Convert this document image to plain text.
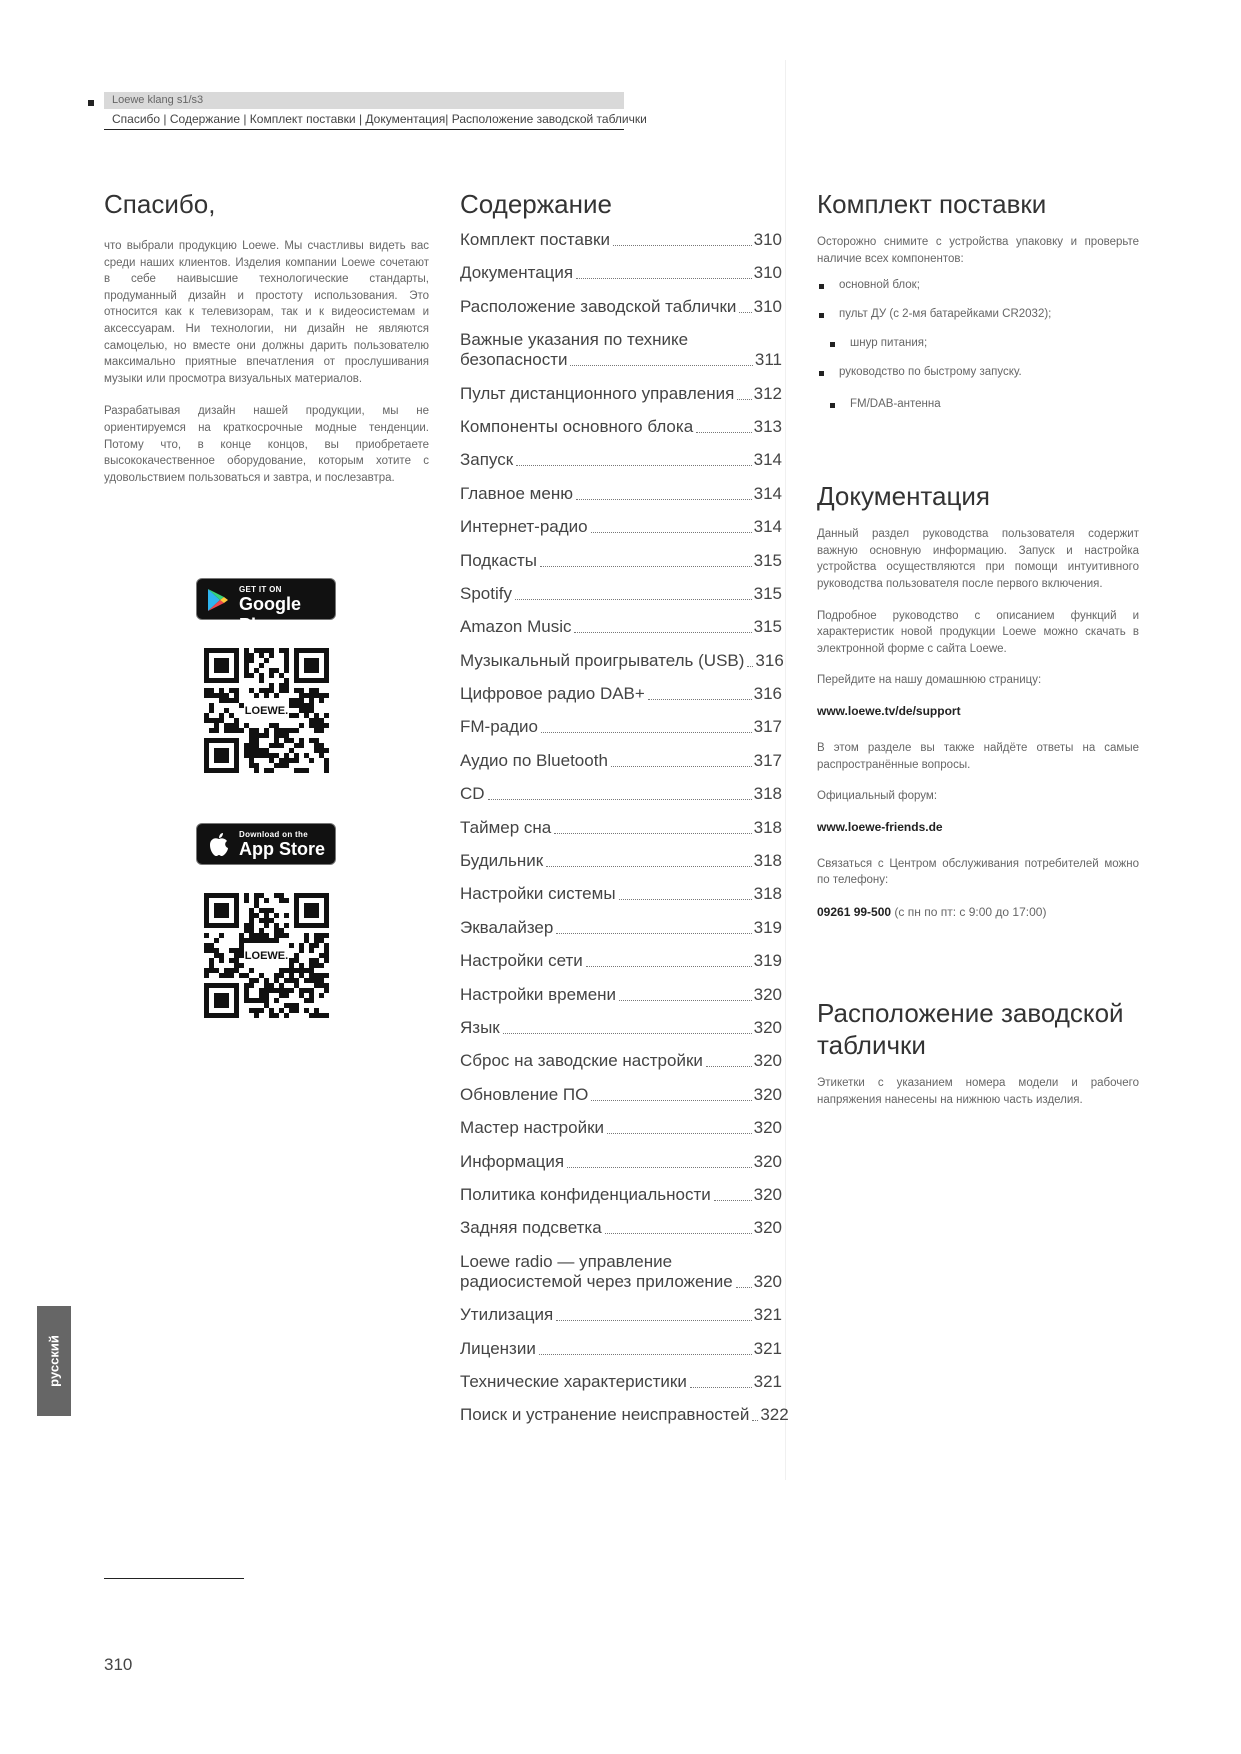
Loewe klang s1/s3
Спасибо | Содержание | Комплект поставки | Документация| Расположение заводской таблички
Спасибо,

что выбрали продукцию Loewe. Мы счастливы видеть вас среди наших клиентов. Изделия компании Loewe сочетают в себе наивысшие технологические стандарты, продуманный дизайн и простоту использования. Это относится как к телевизорам, так и к видеосистемам и аксессуарам. Ни технологии, ни дизайн не являются самоцелью, но вместе они должны дарить пользователю максимально приятные впечатления от прослушивания музыки или просмотра визуальных материалов.

Разрабатывая дизайн нашей продукции, мы не ориентируемся на краткосрочные модные тенденции. Потому что, в конце концов, вы приобретаете высококачественное оборудование, которым хотите с удовольствием пользоваться и завтра, и послезавтра.

GET IT ON
Google Play
LOEWE.
Download on the
App Store
LOEWE.
Содержание
Комплект поставки	310
Документация	310
Расположение заводской таблички 310
Важные указания по технике
безопасности	311
Пульт дистанционного управления 312
Компоненты основного блока	313
Запуск	314
Главное меню	314
Интернет-радио	314
Подкасты	315
Spotify	315
Amazon Music	315
Музыкальный проигрыватель (USB) 316
Цифровое радио DAB+	316
FM-радио	317
Аудио по Bluetooth	317
CD	318
Таймер сна	318
Будильник	318
Настройки системы	318
Эквалайзер	319
Настройки сети	319
Настройки времени	320
Язык	320
Сброс на заводские настройки	320
Обновление ПО	320
Мастер настройки	320
Информация	320
Политика конфиденциальности	320
Задняя подсветка	320
Loewe radio — управление
радиосистемой через приложение 320
Утилизация	321
Лицензии	321
Технические характеристики	321
Поиск и устранение неисправностей 322
Комплект поставки

Осторожно снимите с устройства упаковку и проверьте наличие всех компонентов:

основной блок;
пульт ДУ (с 2-мя батарейками CR2032);
шнур питания;
руководство по быстрому запуску.
FM/DAB-антенна
Документация

Данный раздел руководства пользователя содержит важную основную информацию. Запуск и настройка устройства осуществляются при помощи интуитивного руководства пользователя после первого включения.

Подробное руководство с описанием функций и характеристик новой продукции Loewe можно скачать в электронной форме с сайта Loewe.

Перейдите на нашу домашнюю страницу:

www.loewe.tv/de/support

В этом разделе вы также найдёте ответы на самые распространённые вопросы.

Официальный форум:

www.loewe-friends.de

Связаться с Центром обслуживания потребителей можно по телефону:

09261 99-500 (с пн по пт: с 9:00 до 17:00)
Расположение заводской
таблички

Этикетки с указанием номера модели и рабочего напряжения нанесены на нижнюю часть изделия.

русский
310
